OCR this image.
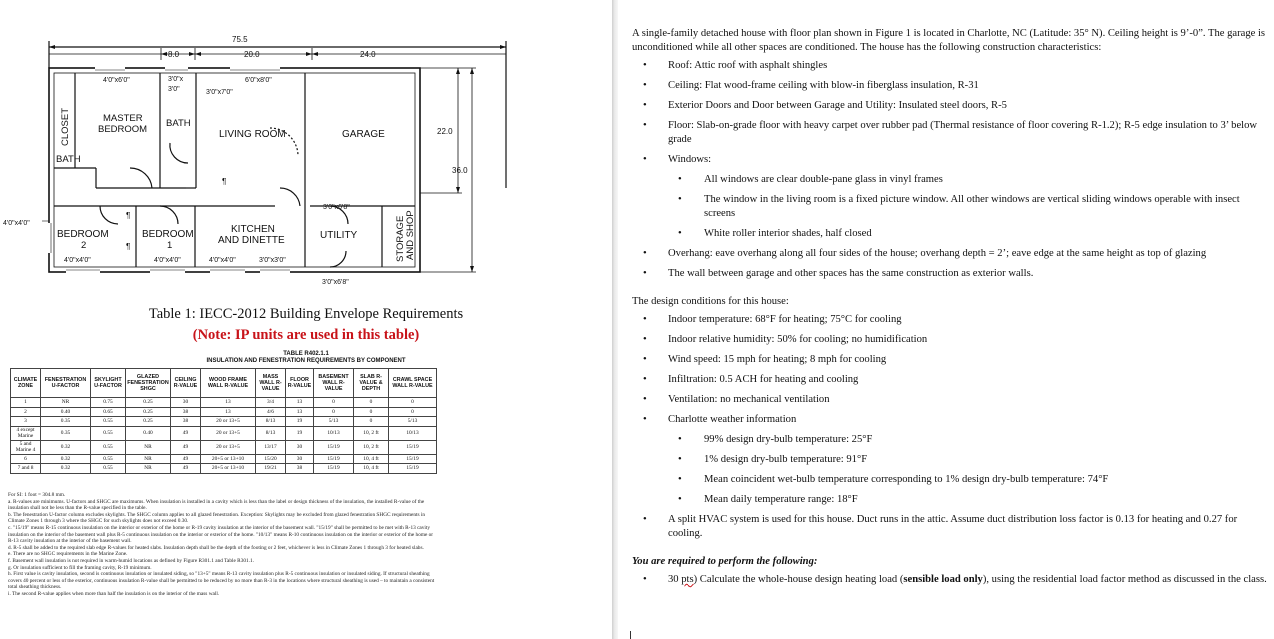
75.5
8.0	20.0	24.0
22.0
36.0
CLOSET	MASTER
BEDROOM
BATH
BATH
LIVING ROOM	GARAGE
BEDROOM
2
BEDROOM
1
KITCHEN
AND DINETTE	UTILITY	STORAGE AND SHOP
4'0"x6'0"	3'0"x
3'0"	3'0"x7'0"
6'0"x8'0"
4'0"x4'0"
4'0"x4'0"	4'0"x4'0"	4'0"x4'0"	3'0"x3'0"
3'0"x6'8"
3'0"x6'8"
¶
¶
¶
Table 1: IECC-2012 Building Envelope Requirements
(Note: IP units are used in this table)
TABLE R402.1.1
INSULATION AND FENESTRATION REQUIREMENTS BY COMPONENT
CLIMATE ZONE	FENESTRATION U-FACTOR	SKYLIGHT U-FACTOR	GLAZED FENESTRATION SHGC	CEILING R-VALUE	WOOD FRAME WALL R-VALUE	MASS WALL R-VALUE	FLOOR R-VALUE	BASEMENT WALL R-VALUE	SLAB R-VALUE & DEPTH	CRAWL SPACE WALL R-VALUE
1	NR	0.75	0.25	30	13	3/4	13	0	0	0
2	0.40	0.65	0.25	38	13	4/6	13	0	0	0
3	0.35	0.55	0.25	38	20 or 13+5	8/13	19	5/13	0	5/13
4 except Marine	0.35	0.55	0.40	49	20 or 13+5	8/13	19	10/13	10, 2 ft	10/13
5 and Marine 4	0.32	0.55	NR	49	20 or 13+5	13/17	30	15/19	10, 2 ft	15/19
6	0.32	0.55	NR	49	20+5 or 13+10	15/20	30	15/19	10, 4 ft	15/19
7 and 8	0.32	0.55	NR	49	20+5 or 13+10	19/21	38	15/19	10, 4 ft	15/19

For SI: 1 foot = 304.8 mm.

a. R-values are minimums. U-factors and SHGC are maximums. When insulation is installed in a cavity which is less than the label or design thickness of the insulation, the installed R-value of the insulation shall not be less than the R-value specified in the table.

b. The fenestration U-factor column excludes skylights. The SHGC column applies to all glazed fenestration. Exception: Skylights may be excluded from glazed fenestration SHGC requirements in Climate Zones 1 through 3 where the SHGC for such skylights does not exceed 0.30.

c. "15/19" means R-15 continuous insulation on the interior or exterior of the home or R-19 cavity insulation at the interior of the basement wall. "15/19" shall be permitted to be met with R-13 cavity insulation on the interior of the basement wall plus R-5 continuous insulation on the interior or exterior of the home. "10/13" means R-10 continuous insulation on the interior or exterior of the home or R-13 cavity insulation at the interior of the basement wall.

d. R-5 shall be added to the required slab edge R-values for heated slabs. Insulation depth shall be the depth of the footing or 2 feet, whichever is less in Climate Zones 1 through 3 for heated slabs.

e. There are no SHGC requirements in the Marine Zone.

f. Basement wall insulation is not required in warm-humid locations as defined by Figure R301.1 and Table R301.1.

g. Or insulation sufficient to fill the framing cavity, R-19 minimum.

h. First value is cavity insulation, second is continuous insulation or insulated siding, so "13+5" means R-13 cavity insulation plus R-5 continuous insulation or insulated siding. If structural sheathing covers 40 percent or less of the exterior, continuous insulation R-value shall be permitted to be reduced by no more than R-3 in the locations where structural sheathing is used – to maintain a consistent total sheathing thickness.

i. The second R-value applies when more than half the insulation is on the interior of the mass wall.

A single-family detached house with floor plan shown in Figure 1 is located in Charlotte, NC (Latitude: 35° N). Ceiling height is 9’-0”. The garage is unconditioned while all other spaces are conditioned. The house has the following construction characteristics:

• Roof: Attic roof with asphalt shingles
• Ceiling: Flat wood-frame ceiling with blow-in fiberglass insulation, R-31
• Exterior Doors and Door between Garage and Utility: Insulated steel doors, R-5
• Floor: Slab-on-grade floor with heavy carpet over rubber pad (Thermal resistance of floor covering R-1.2); R-5 edge insulation to 3’ below grade
• Windows:
• All windows are clear double-pane glass in vinyl frames
• The window in the living room is a fixed picture window. All other windows are vertical sliding windows operable with insect screens
• White roller interior shades, half closed
• Overhang: eave overhang along all four sides of the house; overhang depth = 2’; eave edge at the same height as top of glazing
• The wall between garage and other spaces has the same construction as exterior walls.

The design conditions for this house:

• Indoor temperature: 68°F for heating; 75°C for cooling
• Indoor relative humidity: 50% for cooling; no humidification
• Wind speed: 15 mph for heating; 8 mph for cooling
• Infiltration: 0.5 ACH for heating and cooling
• Ventilation: no mechanical ventilation
• Charlotte weather information
• 99% design dry-bulb temperature: 25°F
• 1% design dry-bulb temperature: 91°F
• Mean coincident wet-bulb temperature corresponding to 1% design dry-bulb temperature: 74°F
• Mean daily temperature range: 18°F
• A split HVAC system is used for this house. Duct runs in the attic. Assume duct distribution loss factor is 0.13 for heating and 0.27 for cooling.

You are required to perform the following:

• 30 pts) Calculate the whole-house design heating load (sensible load only), using the residential load factor method as discussed in the class.
